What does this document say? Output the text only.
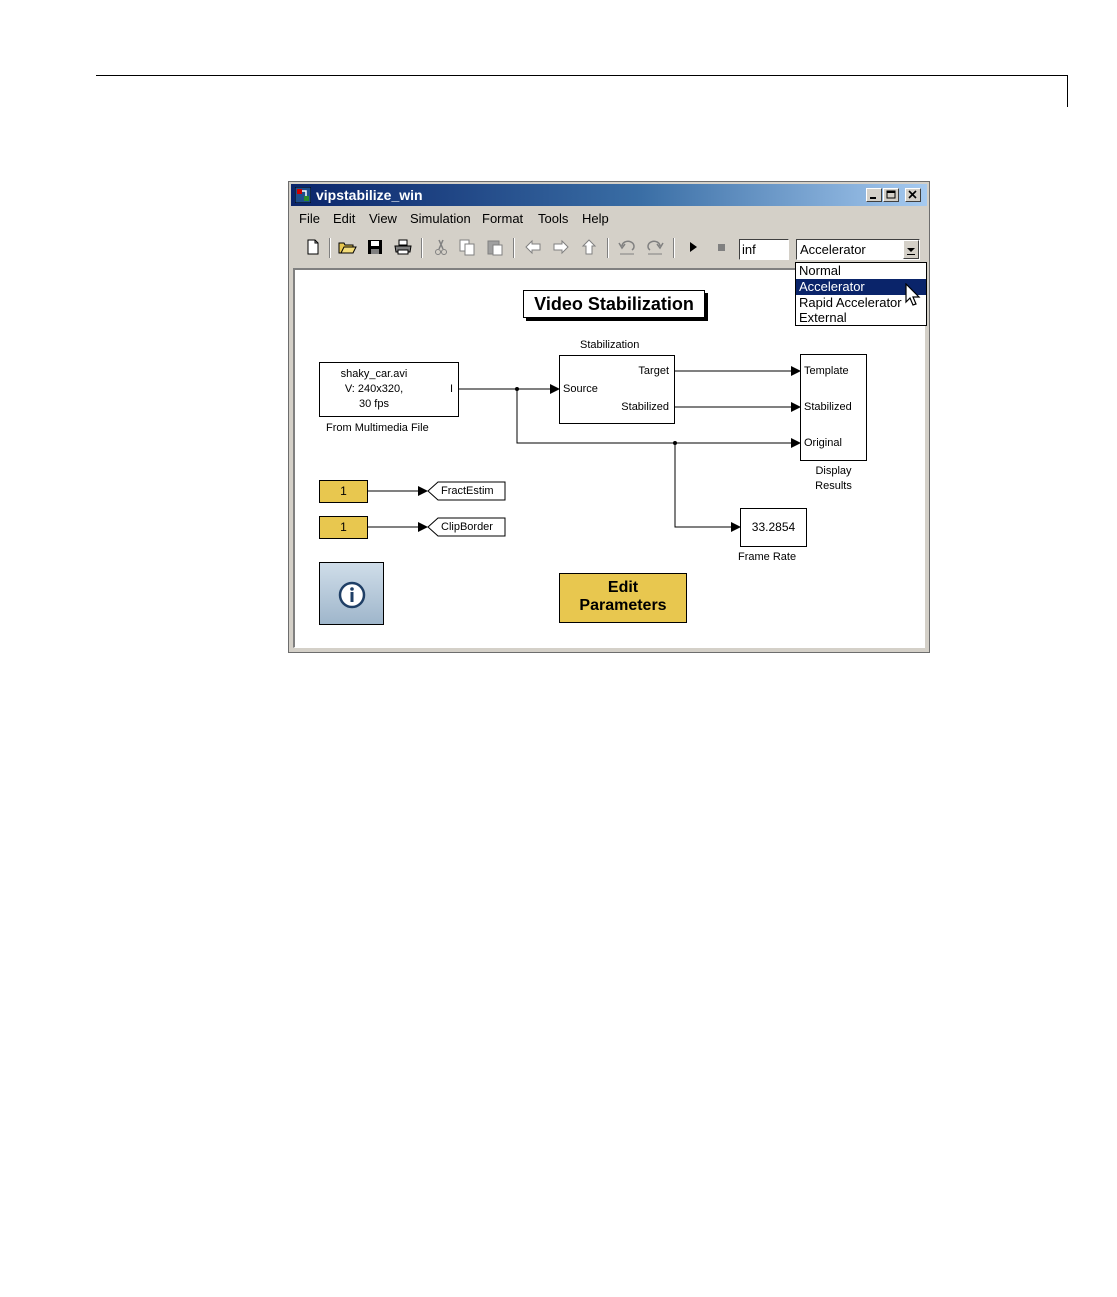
vipstabilize_win
File Edit View Simulation Format Tools Help
inf
Accelerator
Video Stabilization
shaky_car.avi
V: 240x320,
30 fps
I
From Multimedia File
Stabilization
Source
Target
Stabilized
Template
Stabilized
Original
Display
Results
1	FractEstim
1	ClipBorder	33.2854
Frame Rate
Edit
Parameters
Normal
Accelerator
Rapid Accelerator
External
